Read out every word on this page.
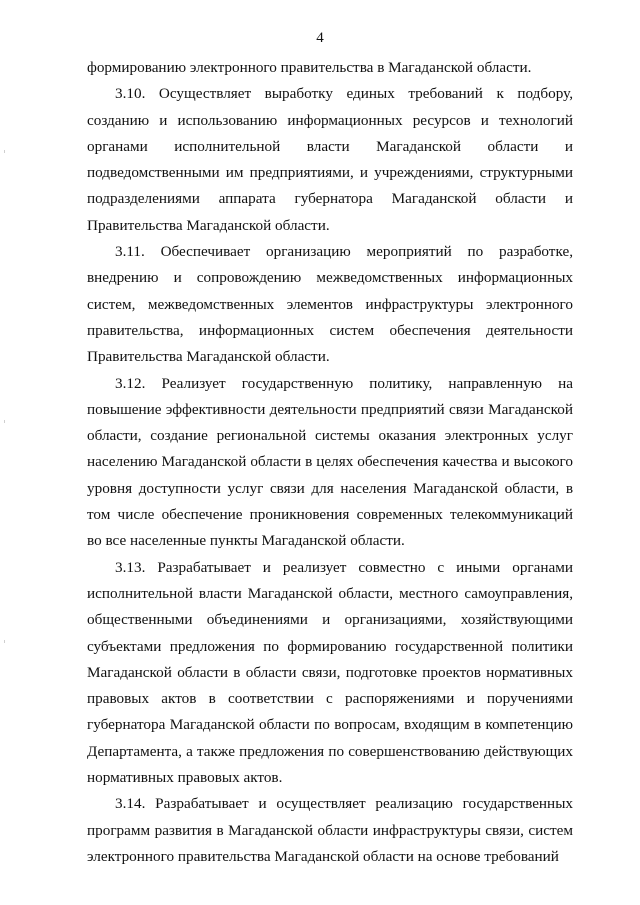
4

формированию электронного правительства в Магаданской области.

3.10. Осуществляет выработку единых требований к подбору, созданию и использованию информационных ресурсов и технологий органами исполнительной власти Магаданской области и подведомственными им предприятиями, и учреждениями, структурными подразделениями аппарата губернатора Магаданской области и Правительства Магаданской области.

3.11. Обеспечивает организацию мероприятий по разработке, внедрению и сопровождению межведомственных информационных систем, межведомственных элементов инфраструктуры электронного правительства, информационных систем обеспечения деятельности Правительства Магаданской области.

3.12. Реализует государственную политику, направленную на повышение эффективности деятельности предприятий связи Магаданской области, создание региональной системы оказания электронных услуг населению Магаданской области в целях обеспечения качества и высокого уровня доступности услуг связи для населения Магаданской области, в том числе обеспечение проникновения современных телекоммуникаций во все населенные пункты Магаданской области.

3.13. Разрабатывает и реализует совместно с иными органами исполнительной власти Магаданской области, местного самоуправления, общественными объединениями и организациями, хозяйствующими субъектами предложения по формированию государственной политики Магаданской области в области связи, подготовке проектов нормативных правовых актов в соответствии с распоряжениями и поручениями губернатора Магаданской области по вопросам, входящим в компетенцию Департамента, а также предложения по совершенствованию действующих нормативных правовых актов.

3.14. Разрабатывает и осуществляет реализацию государственных программ развития в Магаданской области инфраструктуры связи, систем электронного правительства Магаданской области на основе требований
